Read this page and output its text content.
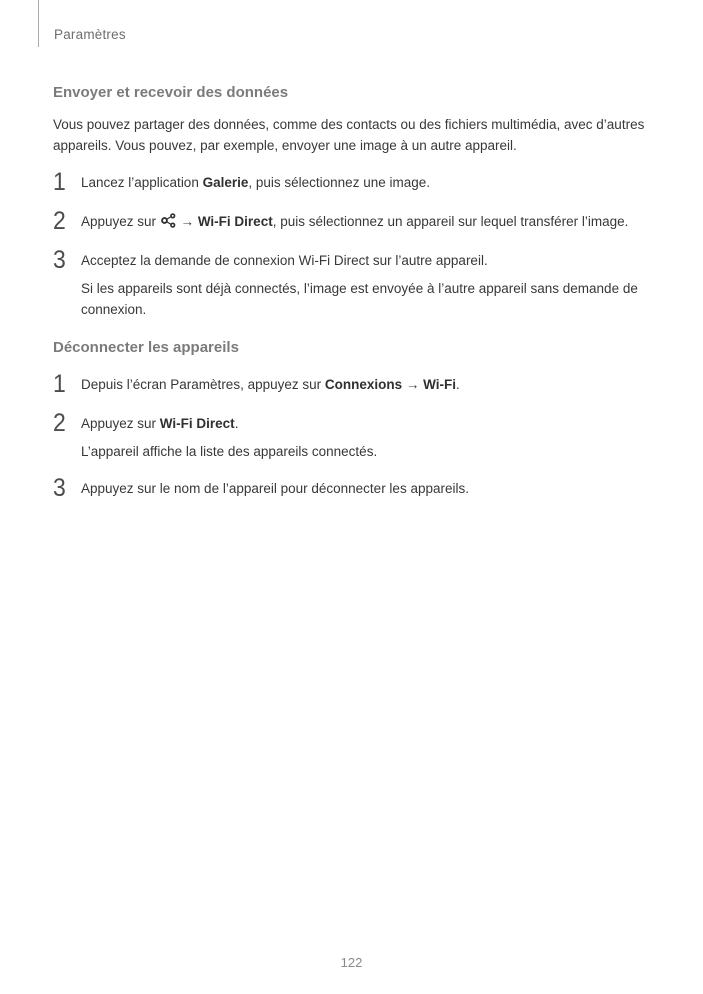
Paramètres
Envoyer et recevoir des données

Vous pouvez partager des données, comme des contacts ou des fichiers multimédia, avec d’autres appareils. Vous pouvez, par exemple, envoyer une image à un autre appareil.

1	Lancez l’application Galerie, puis sélectionnez une image.
2	Appuyez sur  → Wi-Fi Direct, puis sélectionnez un appareil sur lequel transférer l’image.
3	Acceptez la demande de connexion Wi-Fi Direct sur l’autre appareil.
Si les appareils sont déjà connectés, l’image est envoyée à l’autre appareil sans demande de connexion.
Déconnecter les appareils
1	Depuis l’écran Paramètres, appuyez sur Connexions → Wi-Fi.
2	Appuyez sur Wi-Fi Direct.
L’appareil affiche la liste des appareils connectés.
3	Appuyez sur le nom de l’appareil pour déconnecter les appareils.
122
